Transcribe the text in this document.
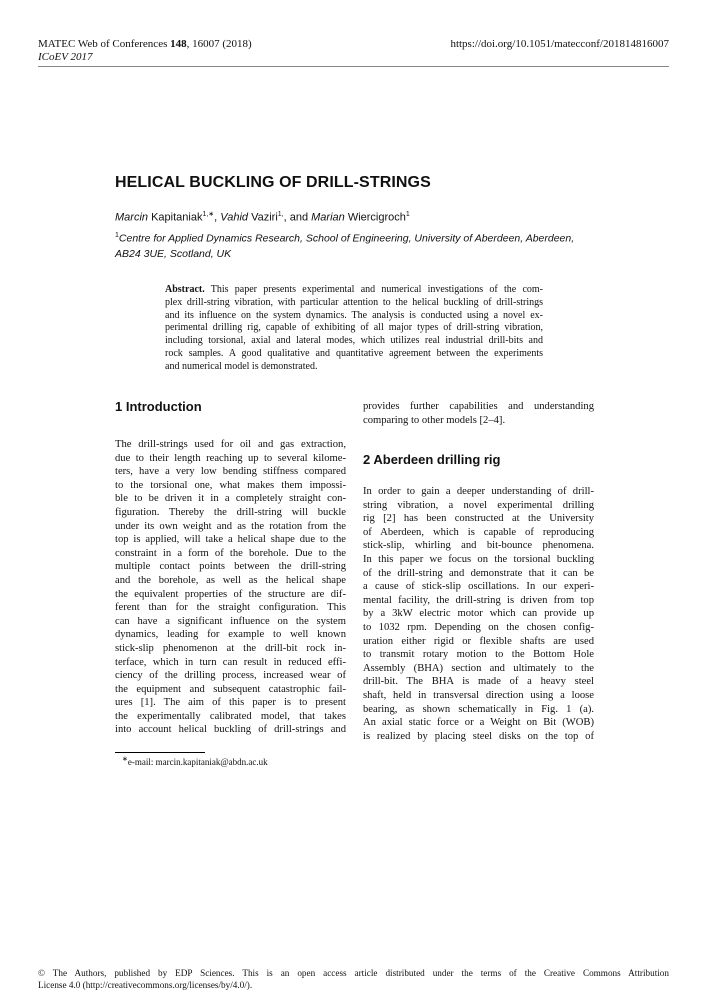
MATEC Web of Conferences 148, 16007 (2018)
ICoEV 2017
https://doi.org/10.1051/matecconf/201814816007
HELICAL BUCKLING OF DRILL-STRINGS
Marcin Kapitaniak$^{1,∗}$, Vahid Vaziri$^{1,}$, and Marian Wiercigroch$^1$
$^1$Centre for Applied Dynamics Research, School of Engineering, University of Aberdeen, Aberdeen, AB24 3UE, Scotland, UK
Abstract. This paper presents experimental and numerical investigations of the com-
plex drill-string vibration, with particular attention to the helical buckling of drill-strings
and its influence on the system dynamics. The analysis is conducted using a novel ex-
perimental drilling rig, capable of exhibiting of all major types of drill-string vibration,
including torsional, axial and lateral modes, which utilizes real industrial drill-bits and
rock samples. A good qualitative and quantitative agreement between the experiments
and numerical model is demonstrated.
1 Introduction
The drill-strings used for oil and gas extraction,
due to their length reaching up to several kilome-
ters, have a very low bending stiffness compared
to the torsional one, what makes them impossi-
ble to be driven it in a completely straight con-
figuration. Thereby the drill-string will buckle
under its own weight and as the rotation from the
top is applied, will take a helical shape due to the
constraint in a form of the borehole. Due to the
multiple contact points between the drill-string
and the borehole, as well as the helical shape
the equivalent properties of the structure are dif-
ferent than for the straight configuration. This
can have a significant influence on the system
dynamics, leading for example to well known
stick-slip phenomenon at the drill-bit rock in-
terface, which in turn can result in reduced effi-
ciency of the drilling process, increased wear of
the equipment and subsequent catastrophic fail-
ures [1]. The aim of this paper is to present
the experimentally calibrated model, that takes
into account helical buckling of drill-strings and
provides further capabilities and understanding
comparing to other models [2–4].
2 Aberdeen drilling rig
In order to gain a deeper understanding of drill-
string vibration, a novel experimental drilling
rig [2] has been constructed at the University
of Aberdeen, which is capable of reproducing
stick-slip, whirling and bit-bounce phenomena.
In this paper we focus on the torsional buckling
of the drill-string and demonstrate that it can be
a cause of stick-slip oscillations. In our experi-
mental facility, the drill-string is driven from top
by a 3kW electric motor which can provide up
to 1032 rpm. Depending on the chosen config-
uration either rigid or flexible shafts are used
to transmit rotary motion to the Bottom Hole
Assembly (BHA) section and ultimately to the
drill-bit. The BHA is made of a heavy steel
shaft, held in transversal direction using a loose
bearing, as shown schematically in Fig. 1 (a).
An axial static force or a Weight on Bit (WOB)
is realized by placing steel disks on the top of
∗e-mail: marcin.kapitaniak@abdn.ac.uk
© The Authors, published by EDP Sciences. This is an open access article distributed under the terms of the Creative Commons Attribution
License 4.0 (http://creativecommons.org/licenses/by/4.0/).
